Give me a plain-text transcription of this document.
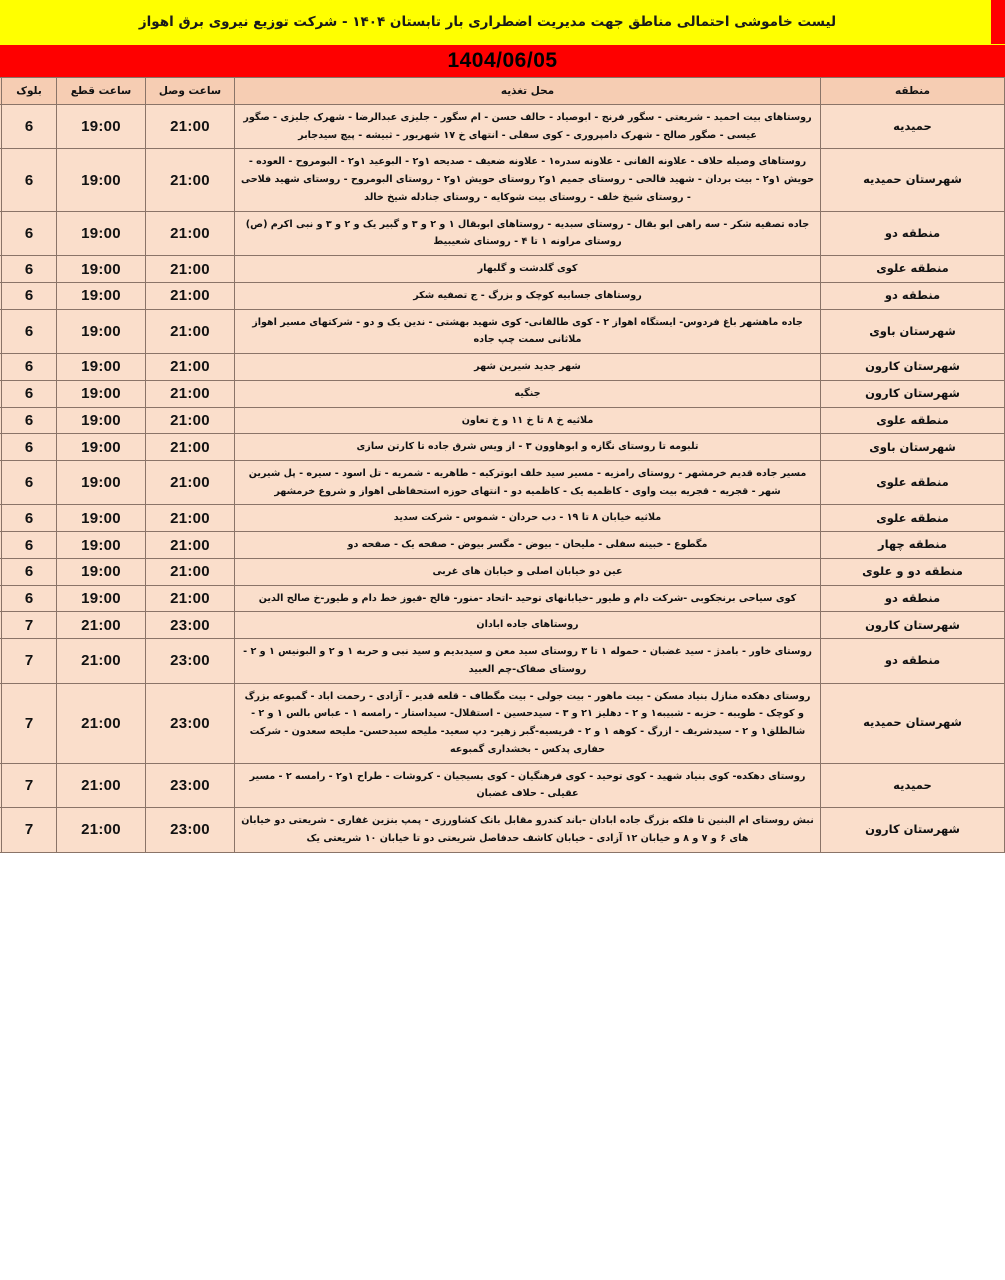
لیست خاموشی احتمالی مناطق جهت مدیریت اضطراری بار تابستان ۱۴۰۴ - شرکت توزیع نیروی برق اهواز
1404/06/05
منطقه	محل تغذیه	ساعت وصل	ساعت قطع	بلوک	
حمیدیه	روستاهای بیت احمید - شریعتی - سگور فرنج - ابوصیاد - حالف حسن - ام سگور - جلیزی عبدالرضا - شهرک جلیزی - صگور عیسی - صگور صالح - شهرک دامپروری - کوی سفلی - انتهای خ ۱۷ شهریور - ثبیشه - پیچ سیدجابر	21:00	19:00	6	
شهرستان حمیدیه	روستاهای وصیله حلاف - علاونه الفانی - علاونه سدره۱ - علاونه ضعیف - صدیحه ۱و۲ - البوعید ۱و۲ - البومروح - العوده - حویش ۱و۲ - بیت بردان - شهید فالحی - روستای جمیم ۱و۲ روستای حویش ۱و۲ - روستای البومروح - روستای شهید فلاحی - روستای شیخ خلف - روستای بیت شوکایه - روستای جنادله شیخ خالد	21:00	19:00	6	
منطقه دو	جاده تصفیه شکر - سه راهی ابو بقال - روستای سبدیه - روستاهای ابوبقال ۱ و ۲ و ۳ و گبیر یک و ۲ و ۳ و نبی اکرم (ص) روستای مراونه ۱ تا ۴ - روستای شعیبیط	21:00	19:00	6	
منطقه علوی	کوی گلدشت و گلبهار	21:00	19:00	6	
منطقه دو	روستاهای جسابیه کوچک و بزرگ - ج تصفیه شکر	21:00	19:00	6	
شهرستان باوی	جاده ماهشهر باغ فردوس- ایستگاه اهواز ۲ - کوی طالقانی- کوی شهید بهشتی - ندین یک و دو - شرکتهای مسیر اهواز ملاثانی سمت چپ جاده	21:00	19:00	6	
شهرستان کارون	شهر جدید شیرین شهر	21:00	19:00	6	
شهرستان کارون	جنگیه	21:00	19:00	6	
منطقه علوی	ملاثیه خ ۸ تا خ ۱۱ و خ تعاون	21:00	19:00	6	
شهرستان باوی	تلبومه تا روستای نگازه و ابوهاوون ۳ - از ویس شرق جاده تا کارتن سازی	21:00	19:00	6	
منطقه علوی	مسیر جاده قدیم خرمشهر - روستای رامزیه - مسیر سید خلف ابوترکیه - طاهریه - شمریه - تل اسود - سیره - پل شیرین شهر - قجریه - قجریه بیت واوی - کاظمیه یک - کاظمیه دو - انتهای حوزه استحفاظی اهواز و شروع خرمشهر	21:00	19:00	6	
منطقه علوی	ملاثیه خیابان ۸ تا ۱۹ - دب حردان - شموس - شرکت سدید	21:00	19:00	6	
منطقه چهار	مگطوع - خبینه سفلی - ملیحان - بیوض - مگسر بیوض - صفحه یک - صفحه دو	21:00	19:00	6	
منطقه دو و علوی	عین دو خیابان اصلی و خیابان های غربی	21:00	19:00	6	
منطقه دو	کوی سیاحی برنجکوبی -شرکت دام و طیور -خیابانهای توحید -اتحاد -منور- فالح -فیوز خط دام و طیور-خ صالح الدین	21:00	19:00	6	
شهرستان کارون	روستاهای جاده ابادان	23:00	21:00	7	
منطقه دو	روستای خاور - بامدژ - سید غضبان - حموله ۱ تا ۳ روستای سید معن و سیدبدیم و سید نبی و حربه ۱ و ۲ و البونیس ۱ و ۲ - روستای صفاک-چم العبید	23:00	21:00	7	
شهرستان حمیدیه	روستای دهکده منازل بنیاد مسکن - بیت ماهور - بیت جولی - بیت مگطاف - قلعه قدیر - آزادی - رحمت اباد - گمبوعه بزرگ و کوچک - طویبه - حزبه - شبیبه۱ و ۲ - دهلیز ۲۱ و ۳ - سیدحسین - استقلال- سیداستار - رامسه ۱ - عباس بالس ۱ و ۲ - شالطلق۱ و ۲ - سیدشریف - ازرگ - کوهه ۱ و ۲ - فریسیه-گبر زهیر- دپ سعید- ملیحه سیدحسن- ملیحه سعدون - شرکت حفاری پدکس - بخشداری گمبوعه	23:00	21:00	7	
حمیدیه	روستای دهکده- کوی بنیاد شهید - کوی توحید - کوی فرهنگیان - کوی بسیجیان - کروشات - طراح ۱و۲ - رامسه ۲ - مسیر عقیلی - حلاف غضبان	23:00	21:00	7	
شهرستان کارون	نبش روستای ام البنین تا فلکه بزرگ جاده ابادان -باند کندرو مقابل بانک کشاورزی - پمپ بنزین غفاری - شریعتی دو خیابان های ۶ و ۷ و ۸ و خیابان ۱۲ آزادی - خیابان کاشف حدفاصل شریعتی دو تا خیابان ۱۰ شریعتی یک	23:00	21:00	7	
